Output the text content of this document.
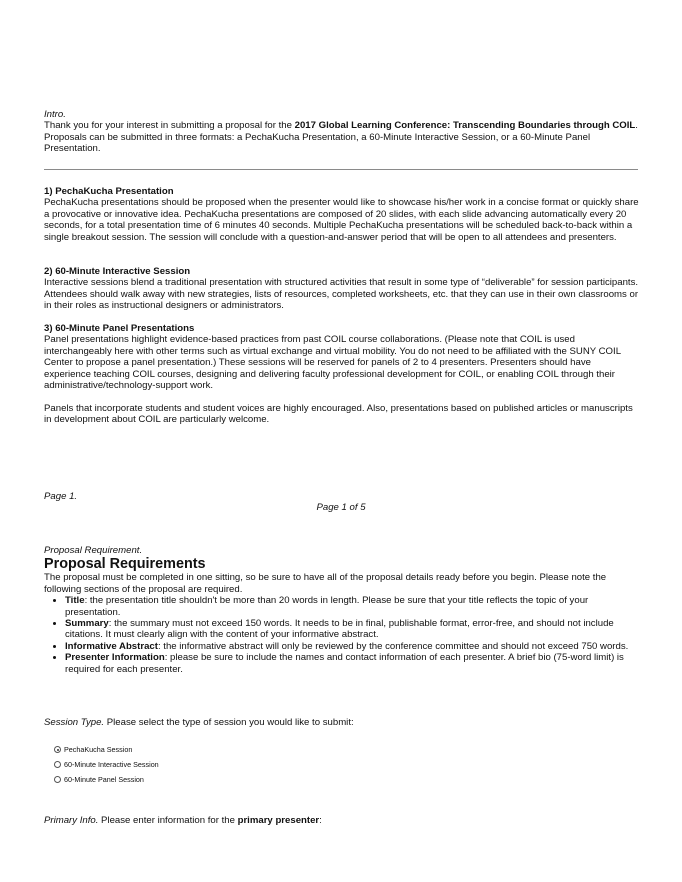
Intro.

Thank you for your interest in submitting a proposal for the 2017 Global Learning Conference: Transcending Boundaries through COIL. Proposals can be submitted in three formats: a PechaKucha Presentation, a 60-Minute Interactive Session, or a 60-Minute Panel Presentation.

1) PechaKucha Presentation

PechaKucha presentations should be proposed when the presenter would like to showcase his/her work in a concise format or quickly share a provocative or innovative idea. PechaKucha presentations are composed of 20 slides, with each slide advancing automatically every 20 seconds, for a total presentation time of 6 minutes 40 seconds. Multiple PechaKucha presentations will be scheduled back-to-back within a single breakout session. The session will conclude with a question-and-answer period that will be open to all attendees and presenters.

2) 60-Minute Interactive Session

Interactive sessions blend a traditional presentation with structured activities that result in some type of “deliverable” for session participants. Attendees should walk away with new strategies, lists of resources, completed worksheets, etc. that they can use in their own classrooms or in their roles as instructional designers or administrators.

3) 60-Minute Panel Presentations

Panel presentations highlight evidence-based practices from past COIL course collaborations. (Please note that COIL is used interchangeably here with other terms such as virtual exchange and virtual mobility. You do not need to be affiliated with the SUNY COIL Center to propose a panel presentation.) These sessions will be reserved for panels of 2 to 4 presenters. Presenters should have experience teaching COIL courses, designing and delivering faculty professional development for COIL, or enabling COIL through their administrative/technology-support work.

Panels that incorporate students and student voices are highly encouraged. Also, presentations based on published articles or manuscripts in development about COIL are particularly welcome.

Page 1.
Page 1 of 5

Proposal Requirement.

Proposal Requirements

The proposal must be completed in one sitting, so be sure to have all of the proposal details ready before you begin. Please note the following sections of the proposal are required.

• Title: the presentation title shouldn't be more than 20 words in length. Please be sure that your title reflects the topic of your presentation.
• Summary: the summary must not exceed 150 words. It needs to be in final, publishable format, error-free, and should not include citations. It must clearly align with the content of your informative abstract.
• Informative Abstract: the informative abstract will only be reviewed by the conference committee and should not exceed 750 words.
• Presenter Information: please be sure to include the names and contact information of each presenter. A brief bio (75-word limit) is required for each presenter.
Session Type. Please select the type of session you would like to submit:
PechaKucha Session
60-Minute Interactive Session
60-Minute Panel Session
Primary Info. Please enter information for the primary presenter:
